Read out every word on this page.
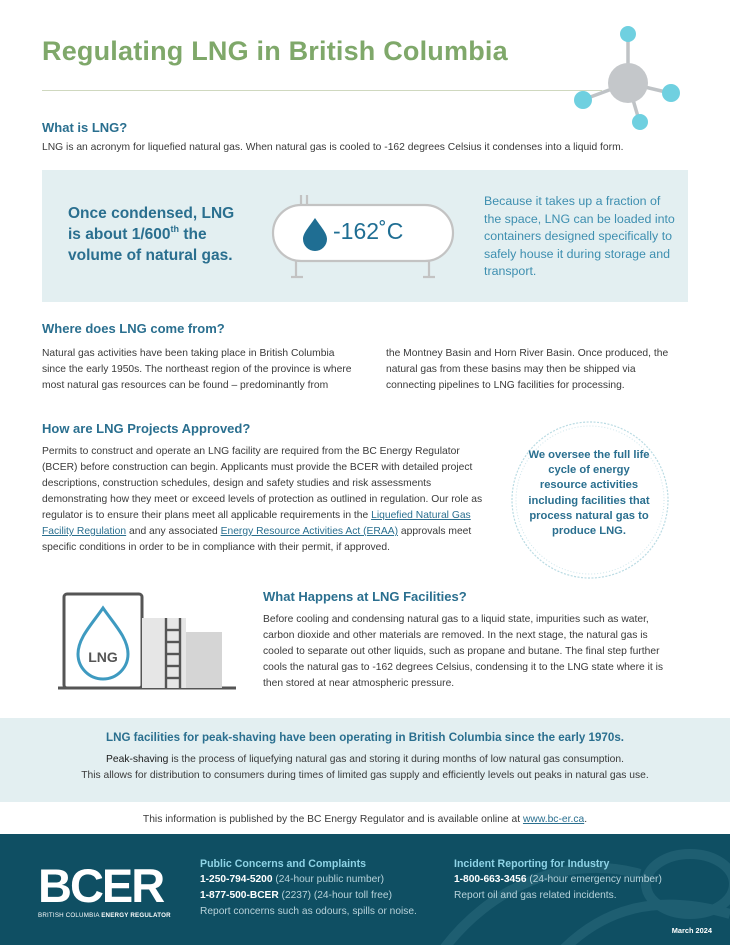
Regulating LNG in British Columbia
What is LNG?
LNG is an acronym for liquefied natural gas. When natural gas is cooled to -162 degrees Celsius it condenses into a liquid form.
Once condensed, LNG
is about 1/600th the
volume of natural gas.
-162˚C
Because it takes up a fraction of the space, LNG can be loaded into containers designed specifically to safely house it during storage and transport.
Where does LNG come from?
Natural gas activities have been taking place in British Columbia since the early 1950s. The northeast region of the province is where most natural gas resources can be found – predominantly from
the Montney Basin and Horn River Basin. Once produced, the natural gas from these basins may then be shipped via connecting pipelines to LNG facilities for processing.
How are LNG Projects Approved?
Permits to construct and operate an LNG facility are required from the BC Energy Regulator (BCER) before construction can begin. Applicants must provide the BCER with detailed project descriptions, construction schedules, design and safety studies and risk assessments demonstrating how they meet or exceed levels of protection as outlined in regulation. Our role as regulator is to ensure their plans meet all applicable requirements in the Liquefied Natural Gas Facility Regulation and any associated Energy Resource Activities Act (ERAA) approvals meet specific conditions in order to be in compliance with their permit, if approved.
We oversee the full life cycle of energy resource activities including facilities that process natural gas to produce LNG.
LNG
What Happens at LNG Facilities?
Before cooling and condensing natural gas to a liquid state, impurities such as water, carbon dioxide and other materials are removed. In the next stage, the natural gas is cooled to separate out other liquids, such as propane and butane. The final step further cools the natural gas to -162 degrees Celsius, condensing it to the LNG state where it is then stored at near atmospheric pressure.
LNG facilities for peak-shaving have been operating in British Columbia since the early 1970s.
Peak-shaving is the process of liquefying natural gas and storing it during months of low natural gas consumption.
This allows for distribution to consumers during times of limited gas supply and efficiently levels out peaks in natural gas use.
This information is published by the BC Energy Regulator and is available online at www.bc-er.ca.
BCER
BRITISH COLUMBIA ENERGY REGULATOR
Public Concerns and Complaints
1-250-794-5200 (24-hour public number)
1-877-500-BCER (2237) (24-hour toll free)
Report concerns such as odours, spills or noise.
Incident Reporting for Industry
1-800-663-3456 (24-hour emergency number)
Report oil and gas related incidents.
March 2024
